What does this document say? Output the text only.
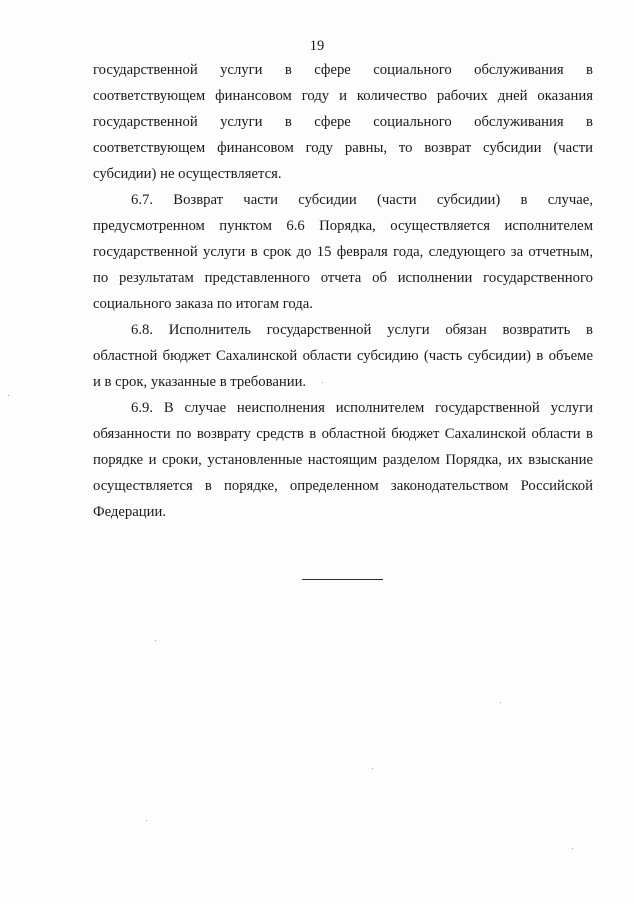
19
государственной услуги в сфере социального обслуживания в
соответствующем финансовом году и количество рабочих дней оказания
государственной услуги в сфере социального обслуживания в
соответствующем финансовом году равны, то возврат субсидии (части
субсидии) не осуществляется.
6.7. Возврат части субсидии (части субсидии) в случае,
предусмотренном пунктом 6.6 Порядка, осуществляется исполнителем
государственной услуги в срок до 15 февраля года, следующего за отчетным,
по результатам представленного отчета об исполнении государственного
социального заказа по итогам года.
6.8. Исполнитель государственной услуги обязан возвратить в
областной бюджет Сахалинской области субсидию (часть субсидии) в объеме
и в срок, указанные в требовании.
6.9. В случае неисполнения исполнителем государственной услуги
обязанности по возврату средств в областной бюджет Сахалинской области в
порядке и сроки, установленные настоящим разделом Порядка, их взыскание
осуществляется в порядке, определенном законодательством Российской
Федерации.
